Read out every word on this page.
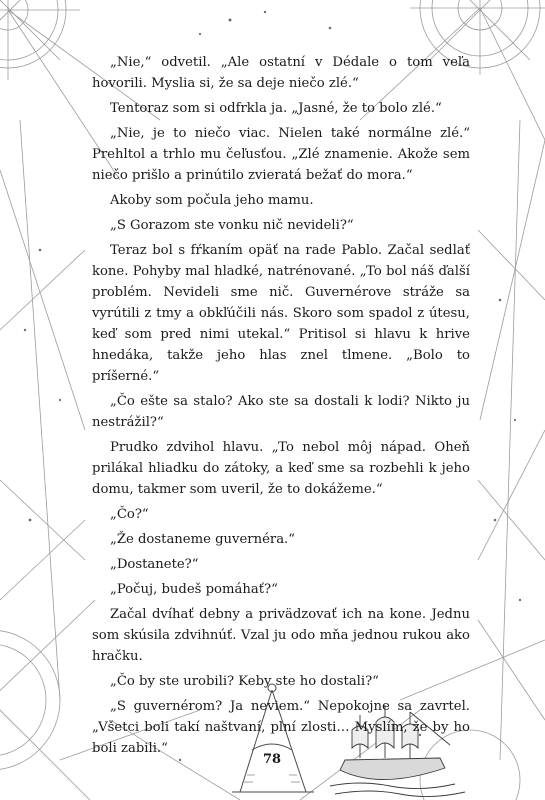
„Nie,“ odvetil. „Ale ostatní v Dédale o tom veľa hovorili. Myslia si, že sa deje niečo zlé.“

Tentoraz som si odfrkla ja. „Jasné, že to bolo zlé.“

„Nie, je to niečo viac. Nielen také normálne zlé.“ Prehltol a trhlo mu čeľusťou. „Zlé znamenie. Akože sem niečo prišlo a prinútilo zvieratá bežať do mora.“

Akoby som počula jeho mamu.

„S Gorazom ste vonku nič nevideli?“

Teraz bol s fŕkaním opäť na rade Pablo. Začal sedlať kone. Pohyby mal hladké, natrénované. „To bol náš ďalší problém. Nevideli sme nič. Guvernérove stráže sa vyrútili z tmy a obkľúčili nás. Skoro som spadol z útesu, keď som pred nimi utekal.“ Pritisol si hlavu k hrive hnedáka, takže jeho hlas znel tlmene. „Bolo to príšerné.“

„Čo ešte sa stalo? Ako ste sa dostali k lodi? Nikto ju nestrážil?“

Prudko zdvihol hlavu. „To nebol môj nápad. Oheň prilákal hliadku do zátoky, a keď sme sa rozbehli k jeho domu, takmer som uveril, že to dokážeme.“

„Čo?“

„Že dostaneme guvernéra.“

„Dostanete?“

„Počuj, budeš pomáhať?“

Začal dvíhať debny a privädzovať ich na kone. Jednu som skúsila zdvihnúť. Vzal ju odo mňa jednou rukou ako hračku.

„Čo by ste urobili? Keby ste ho dostali?“

„S guvernérom? Ja neviem.“ Nepokojne sa zavrtel. „Všetci boli takí naštvaní, plní zlosti… Myslím, že by ho boli zabili.“

78
